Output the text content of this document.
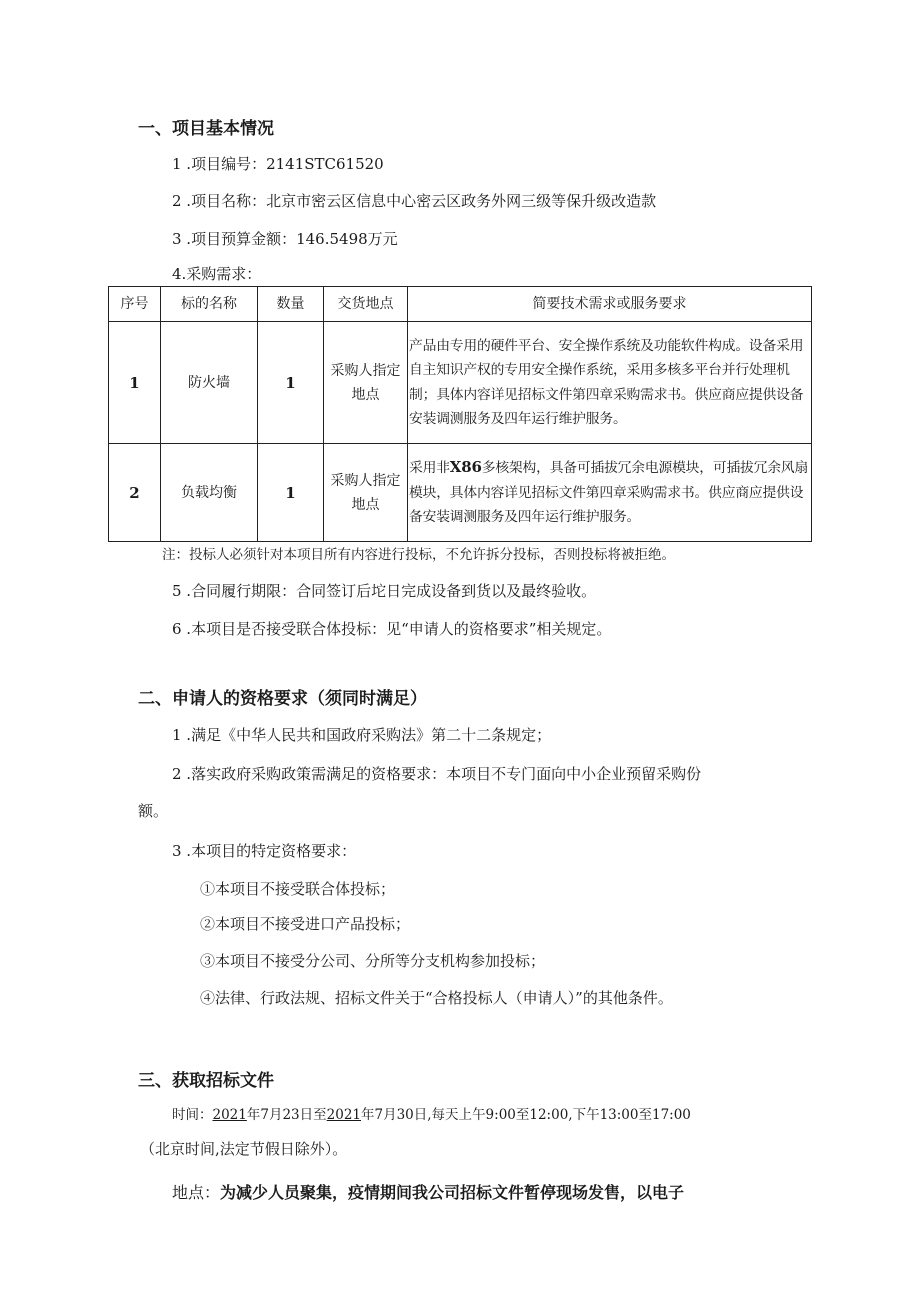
一、项目基本情况
1 .项目编号：2141STC61520
2 .项目名称：北京市密云区信息中心密云区政务外网三级等保升级改造款
3 .项目预算金额：146.5498万元
4.采购需求：
序号	标的名称	数量	交货地点	简要技术需求或服务要求
1	防火墙	1	采购人指定地点	产品由专用的硬件平台、安全操作系统及功能软件构成。设备采用自主知识产权的专用安全操作系统，采用多核多平台并行处理机制；具体内容详见招标文件第四章采购需求书。供应商应提供设备安装调测服务及四年运行维护服务。
2	负载均衡	1	采购人指定地点	采用非X86多核架构，具备可插拔冗余电源模块，可插拔冗余风扇模块，具体内容详见招标文件第四章采购需求书。供应商应提供设备安装调测服务及四年运行维护服务。
注：投标人必须针对本项目所有内容进行投标，不允许拆分投标，否则投标将被拒绝。
5 .合同履行期限：合同签订后坨日完成设备到货以及最终验收。
6 .本项目是否接受联合体投标：见“申请人的资格要求”相关规定。
二、申请人的资格要求（须同时满足）
1 .满足《中华人民共和国政府采购法》第二十二条规定；
2 .落实政府采购政策需满足的资格要求：本项目不专门面向中小企业预留采购份
额。
3 .本项目的特定资格要求：
①本项目不接受联合体投标；
②本项目不接受进口产品投标；
③本项目不接受分公司、分所等分支机构参加投标；
④法律、行政法规、招标文件关于“合格投标人（申请人）”的其他条件。
三、获取招标文件
时间：2021年7月23日至2021年7月30日,每天上午9:00至12:00,下午13:00至17:00
（北京时间,法定节假日除外）。
地点：为减少人员聚集，疫情期间我公司招标文件暂停现场发售，以电子
